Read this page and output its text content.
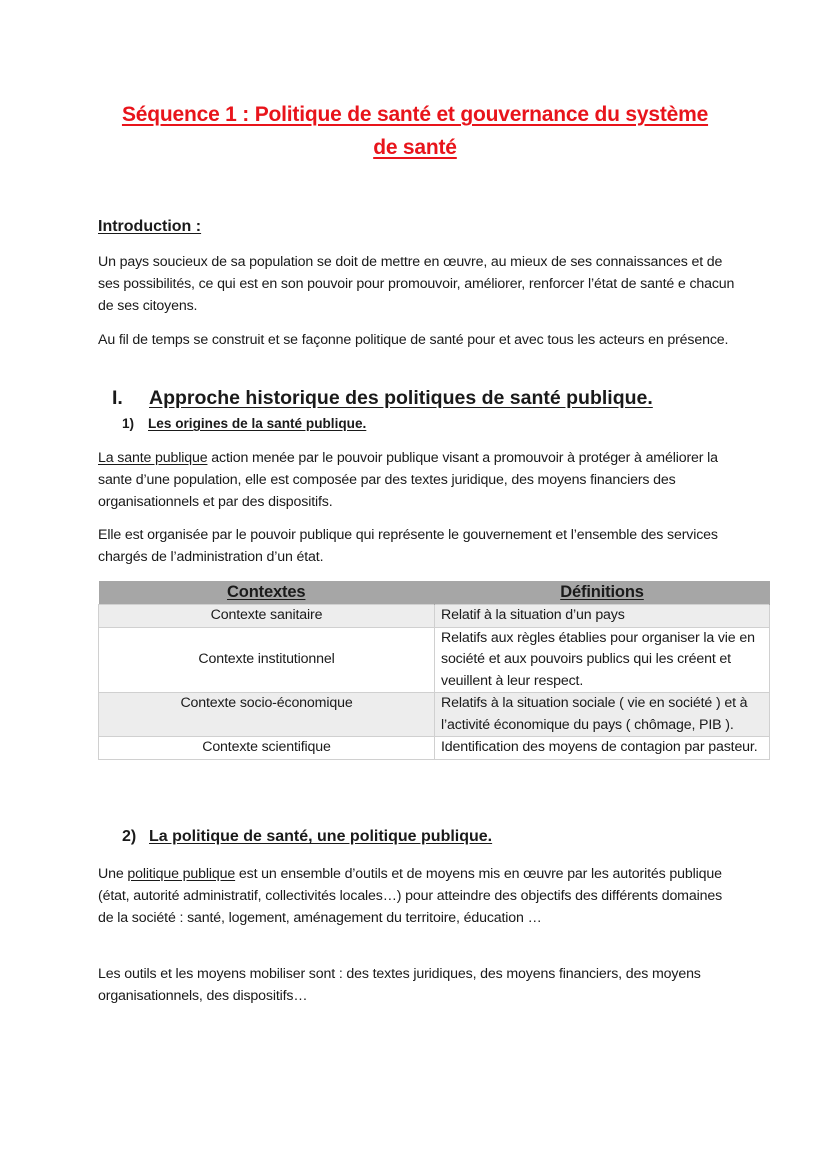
Séquence 1 : Politique de santé et gouvernance du système
de santé
Introduction :

Un pays soucieux de sa population se doit de mettre en œuvre, au mieux de ses connaissances et de ses possibilités, ce qui est en son pouvoir pour promouvoir, améliorer, renforcer l’état de santé e chacun de ses citoyens.

Au fil de temps se construit et se façonne politique de santé pour et avec tous les acteurs en présence.

I. Approche historique des politiques de santé publique.
1) Les origines de la santé publique.

La sante publique action menée par le pouvoir publique visant a promouvoir à protéger à améliorer la sante d’une population, elle est composée par des textes juridique, des moyens financiers des organisationnels et par des dispositifs.

Elle est organisée par le pouvoir publique qui représente le gouvernement et l’ensemble des services chargés de l’administration d’un état.

Contextes	Définitions
Contexte sanitaire	Relatif à la situation d’un pays
Contexte institutionnel	Relatifs aux règles établies pour organiser la vie en société et aux pouvoirs publics qui les créent et veuillent à leur respect.
Contexte socio-économique	Relatifs à la situation sociale ( vie en société ) et à l’activité économique du pays ( chômage, PIB ).
Contexte scientifique	Identification des moyens de contagion par pasteur.
2) La politique de santé, une politique publique.

Une politique publique est un ensemble d’outils et de moyens mis en œuvre par les autorités publique (état, autorité administratif, collectivités locales…) pour atteindre des objectifs des différents domaines de la société : santé, logement, aménagement du territoire, éducation …

Les outils et les moyens mobiliser sont : des textes juridiques, des moyens financiers, des moyens organisationnels, des dispositifs…
